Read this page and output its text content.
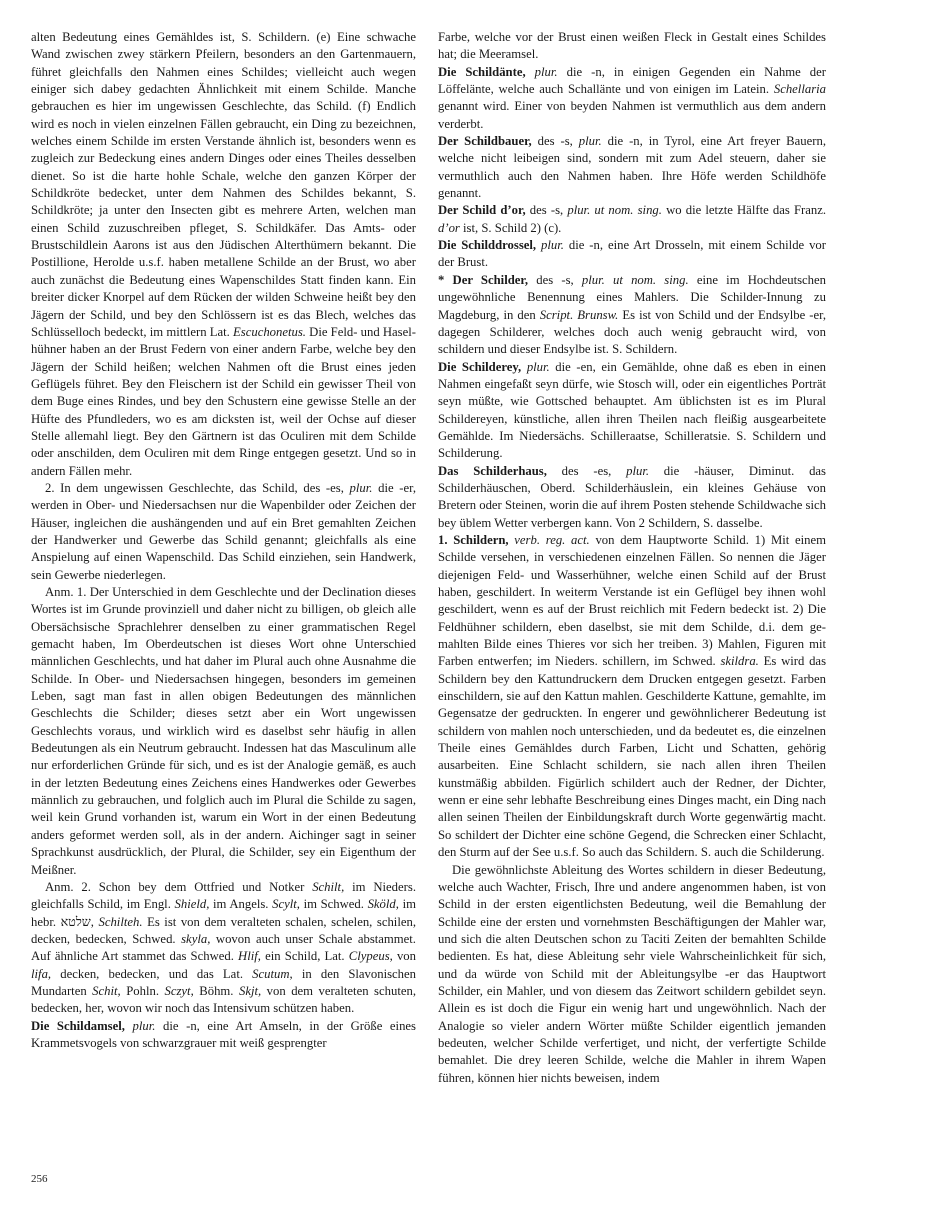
alten Bedeutung eines Gemähldes ist, S. Schildern. (e) Eine schwache Wand zwischen zwey stärkern Pfeilern, besonders an den Gartenmauern, führet gleichfalls den Nahmen eines Schildes; vielleicht auch wegen einiger sich dabey gedachten Ähnlichkeit mit einem Schilde. Manche gebrauchen es hier im ungewissen Geschlechte, das Schild. (f) Endlich wird es noch in vielen einzelnen Fällen gebraucht, ein Ding zu bezeichnen, welches einem Schilde im ersten Verstande ähnlich ist, besonders wenn es zugleich zur Bedeckung eines andern Dinges oder eines Theiles desselben dienet. So ist die harte hohle Schale, welche den ganzen Körper der Schildkröte bedecket, unter dem Nahmen des Schildes bekannt, S. Schildkröte; ja unter den Insecten gibt es mehrere Arten, welchen man einen Schild zuzuschreiben pfleget, S. Schildkäfer. Das Amts- oder Brustschildlein Aarons ist aus den Jüdischen Alterthümern bekannt. Die Postillione, Herolde u.s.f. haben metallene Schilde an der Brust, wo aber auch zunächst die Bedeutung eines Wapenschildes Statt finden kann. Ein breiter dicker Knorpel auf dem Rücken der wilden Schweine heißt bey den Jägern der Schild, und bey den Schlössern ist es das Blech, welches das Schlüsselloch bedeckt, im mittlern Lat. Escuchonetus. Die Feld- und Haselhühner haben an der Brust Federn von einer andern Farbe, welche bey den Jägern der Schild heißen; welchen Nahmen oft die Brust eines jeden Geflügels führet. Bey den Fleischern ist der Schild ein gewisser Theil von dem Buge eines Rindes, und bey den Schustern eine gewisse Stelle an der Hüfte des Pfundleders, wo es am dicksten ist, weil der Ochse auf dieser Stelle allemahl liegt. Bey den Gärtnern ist das Oculiren mit dem Schilde oder anschilden, dem Oculiren mit dem Ringe entgegen gesetzt. Und so in andern Fällen mehr.

2. In dem ungewissen Geschlechte, das Schild, des -es, plur. die -er, werden in Ober- und Niedersachsen nur die Wapenbilder oder Zeichen der Häuser, ingleichen die aushängenden und auf ein Bret gemahlten Zeichen der Handwerker und Gewerbe das Schild genannt; gleichfalls als eine Anspielung auf einen Wapenschild. Das Schild einziehen, sein Handwerk, sein Gewerbe niederlegen.

Anm. 1. Der Unterschied in dem Geschlechte und der Declination dieses Wortes ist im Grunde provinziell und daher nicht zu billigen, ob gleich alle Obersächsische Sprachlehrer denselben zu einer grammatischen Regel gemacht haben, Im Oberdeutschen ist dieses Wort ohne Unterschied männlichen Geschlechts, und hat daher im Plural auch ohne Ausnahme die Schilde. In Ober- und Niedersachsen hingegen, besonders im gemeinen Leben, sagt man fast in allen obigen Bedeutungen des männlichen Geschlechts die Schilder; dieses setzt aber ein Wort ungewissen Geschlechts voraus, und wirklich wird es daselbst sehr häufig in allen Bedeutungen als ein Neutrum gebraucht. Indessen hat das Masculinum alle nur erforderlichen Gründe für sich, und es ist der Analogie gemäß, es auch in der letzten Bedeutung eines Zeichens eines Handwerkes oder Gewerbes männlich zu gebrauchen, und folglich auch im Plural die Schilde zu sagen, weil kein Grund vorhanden ist, warum ein Wort in der einen Bedeutung anders geformet werden soll, als in der andern. Aichinger sagt in seiner Sprachkunst ausdrücklich, der Plural, die Schilder, sey ein Eigenthum der Meißner.

Anm. 2. Schon bey dem Ottfried und Notker Schilt, im Nieders. gleichfalls Schild, im Engl. Shield, im Angels. Scylt, im Schwed. Sköld, im hebr. שלטא, Schilteh. Es ist von dem veralteten schalen, schelen, schilen, decken, bedecken, Schwed. skyla, wovon auch unser Schale abstammet. Auf ähnliche Art stammet das Schwed. Hlif, ein Schild, Lat. Clypeus, von lifa, decken, bedecken, und das Lat. Scutum, in den Slavonischen Mundarten Schit, Pohln. Sczyt, Böhm. Skjt, von dem veralteten schuten, bedecken, her, wovon wir noch das Intensivum schützen haben.

Die Schildamsel, plur. die -n, eine Art Amseln, in der Größe eines Krammetsvogels von schwarzgrauer mit weiß gesprengter

Farbe, welche vor der Brust einen weißen Fleck in Gestalt eines Schildes hat; die Meeramsel.

Die Schildänte, plur. die -n, in einigen Gegenden ein Nahme der Löffelänte, welche auch Schallänte und von einigen im Latein. Schellaria genannt wird. Einer von beyden Nahmen ist vermuthlich aus dem andern verderbt.

Der Schildbauer, des -s, plur. die -n, in Tyrol, eine Art freyer Bauern, welche nicht leibeigen sind, sondern mit zum Adel steuern, daher sie vermuthlich auch den Nahmen haben. Ihre Höfe werden Schildhöfe genannt.

Der Schild d’or, des -s, plur. ut nom. sing. wo die letzte Hälfte das Franz. d’or ist, S. Schild 2) (c).

Die Schilddrossel, plur. die -n, eine Art Drosseln, mit einem Schilde vor der Brust.

* Der Schilder, des -s, plur. ut nom. sing. eine im Hochdeutschen ungewöhnliche Benennung eines Mahlers. Die Schilder-Innung zu Magdeburg, in den Script. Brunsw. Es ist von Schild und der Endsylbe -er, dagegen Schilderer, welches doch auch wenig gebraucht wird, von schildern und dieser Endsylbe ist. S. Schildern.

Die Schilderey, plur. die -en, ein Gemählde, ohne daß es eben in einen Nahmen eingefaßt seyn dürfe, wie Stosch will, oder ein eigentliches Porträt seyn müßte, wie Gottsched behauptet. Am üblichsten ist es im Plural Schildereyen, künstliche, allen ihren Theilen nach fleißig ausgearbeitete Gemählde. Im Niedersächs. Schilleraatse, Schilleratsie. S. Schildern und Schilderung.

Das Schilderhaus, des -es, plur. die -häuser, Diminut. das Schilderhäuschen, Oberd. Schilderhäuslein, ein kleines Gehäuse von Bretern oder Steinen, worin die auf ihrem Posten stehende Schildwache sich bey üblem Wetter verbergen kann. Von 2 Schildern, S. dasselbe.

1. Schildern, verb. reg. act. von dem Hauptworte Schild. 1) Mit einem Schilde versehen, in verschiedenen einzelnen Fällen. So nennen die Jäger diejenigen Feld- und Wasserhühner, welche einen Schild auf der Brust haben, geschildert. In weiterm Verstande ist ein Geflügel bey ihnen wohl geschildert, wenn es auf der Brust reichlich mit Federn bedeckt ist. 2) Die Feldhühner schildern, eben daselbst, sie mit dem Schilde, d.i. dem gemahlten Bilde eines Thieres vor sich her treiben. 3) Mahlen, Figuren mit Farben entwerfen; im Nieders. schillern, im Schwed. skildra. Es wird das Schildern bey den Kattundruckern dem Drucken entgegen gesetzt. Farben einschildern, sie auf den Kattun mahlen. Geschilderte Kattune, gemahlte, im Gegensatze der gedruckten. In engerer und gewöhnlicherer Bedeutung ist schildern von mahlen noch unterschieden, und da bedeutet es, die einzelnen Theile eines Gemähldes durch Farben, Licht und Schatten, gehörig ausarbeiten. Eine Schlacht schildern, sie nach allen ihren Theilen kunstmäßig abbilden. Figürlich schildert auch der Redner, der Dichter, wenn er eine sehr lebhafte Beschreibung eines Dinges macht, ein Ding nach allen seinen Theilen der Einbildungskraft durch Worte gegenwärtig macht. So schildert der Dichter eine schöne Gegend, die Schrecken einer Schlacht, den Sturm auf der See u.s.f. So auch das Schildern. S. auch die Schilderung.

Die gewöhnlichste Ableitung des Wortes schildern in dieser Bedeutung, welche auch Wachter, Frisch, Ihre und andere angenommen haben, ist von Schild in der ersten eigentlichsten Bedeutung, weil die Bemahlung der Schilde eine der ersten und vornehmsten Beschäftigungen der Mahler war, und sich die alten Deutschen schon zu Taciti Zeiten der bemahlten Schilde bedienten. Es hat, diese Ableitung sehr viele Wahrscheinlichkeit für sich, und da würde von Schild mit der Ableitungsylbe -er das Hauptwort Schilder, ein Mahler, und von diesem das Zeitwort schildern gebildet seyn. Allein es ist doch die Figur ein wenig hart und ungewöhnlich. Nach der Analogie so vieler andern Wörter müßte Schilder eigentlich jemanden bedeuten, welcher Schilde verfertiget, und nicht, der verfertigte Schilde bemahlet. Die drey leeren Schilde, welche die Mahler in ihrem Wapen führen, können hier nichts beweisen, indem

256
